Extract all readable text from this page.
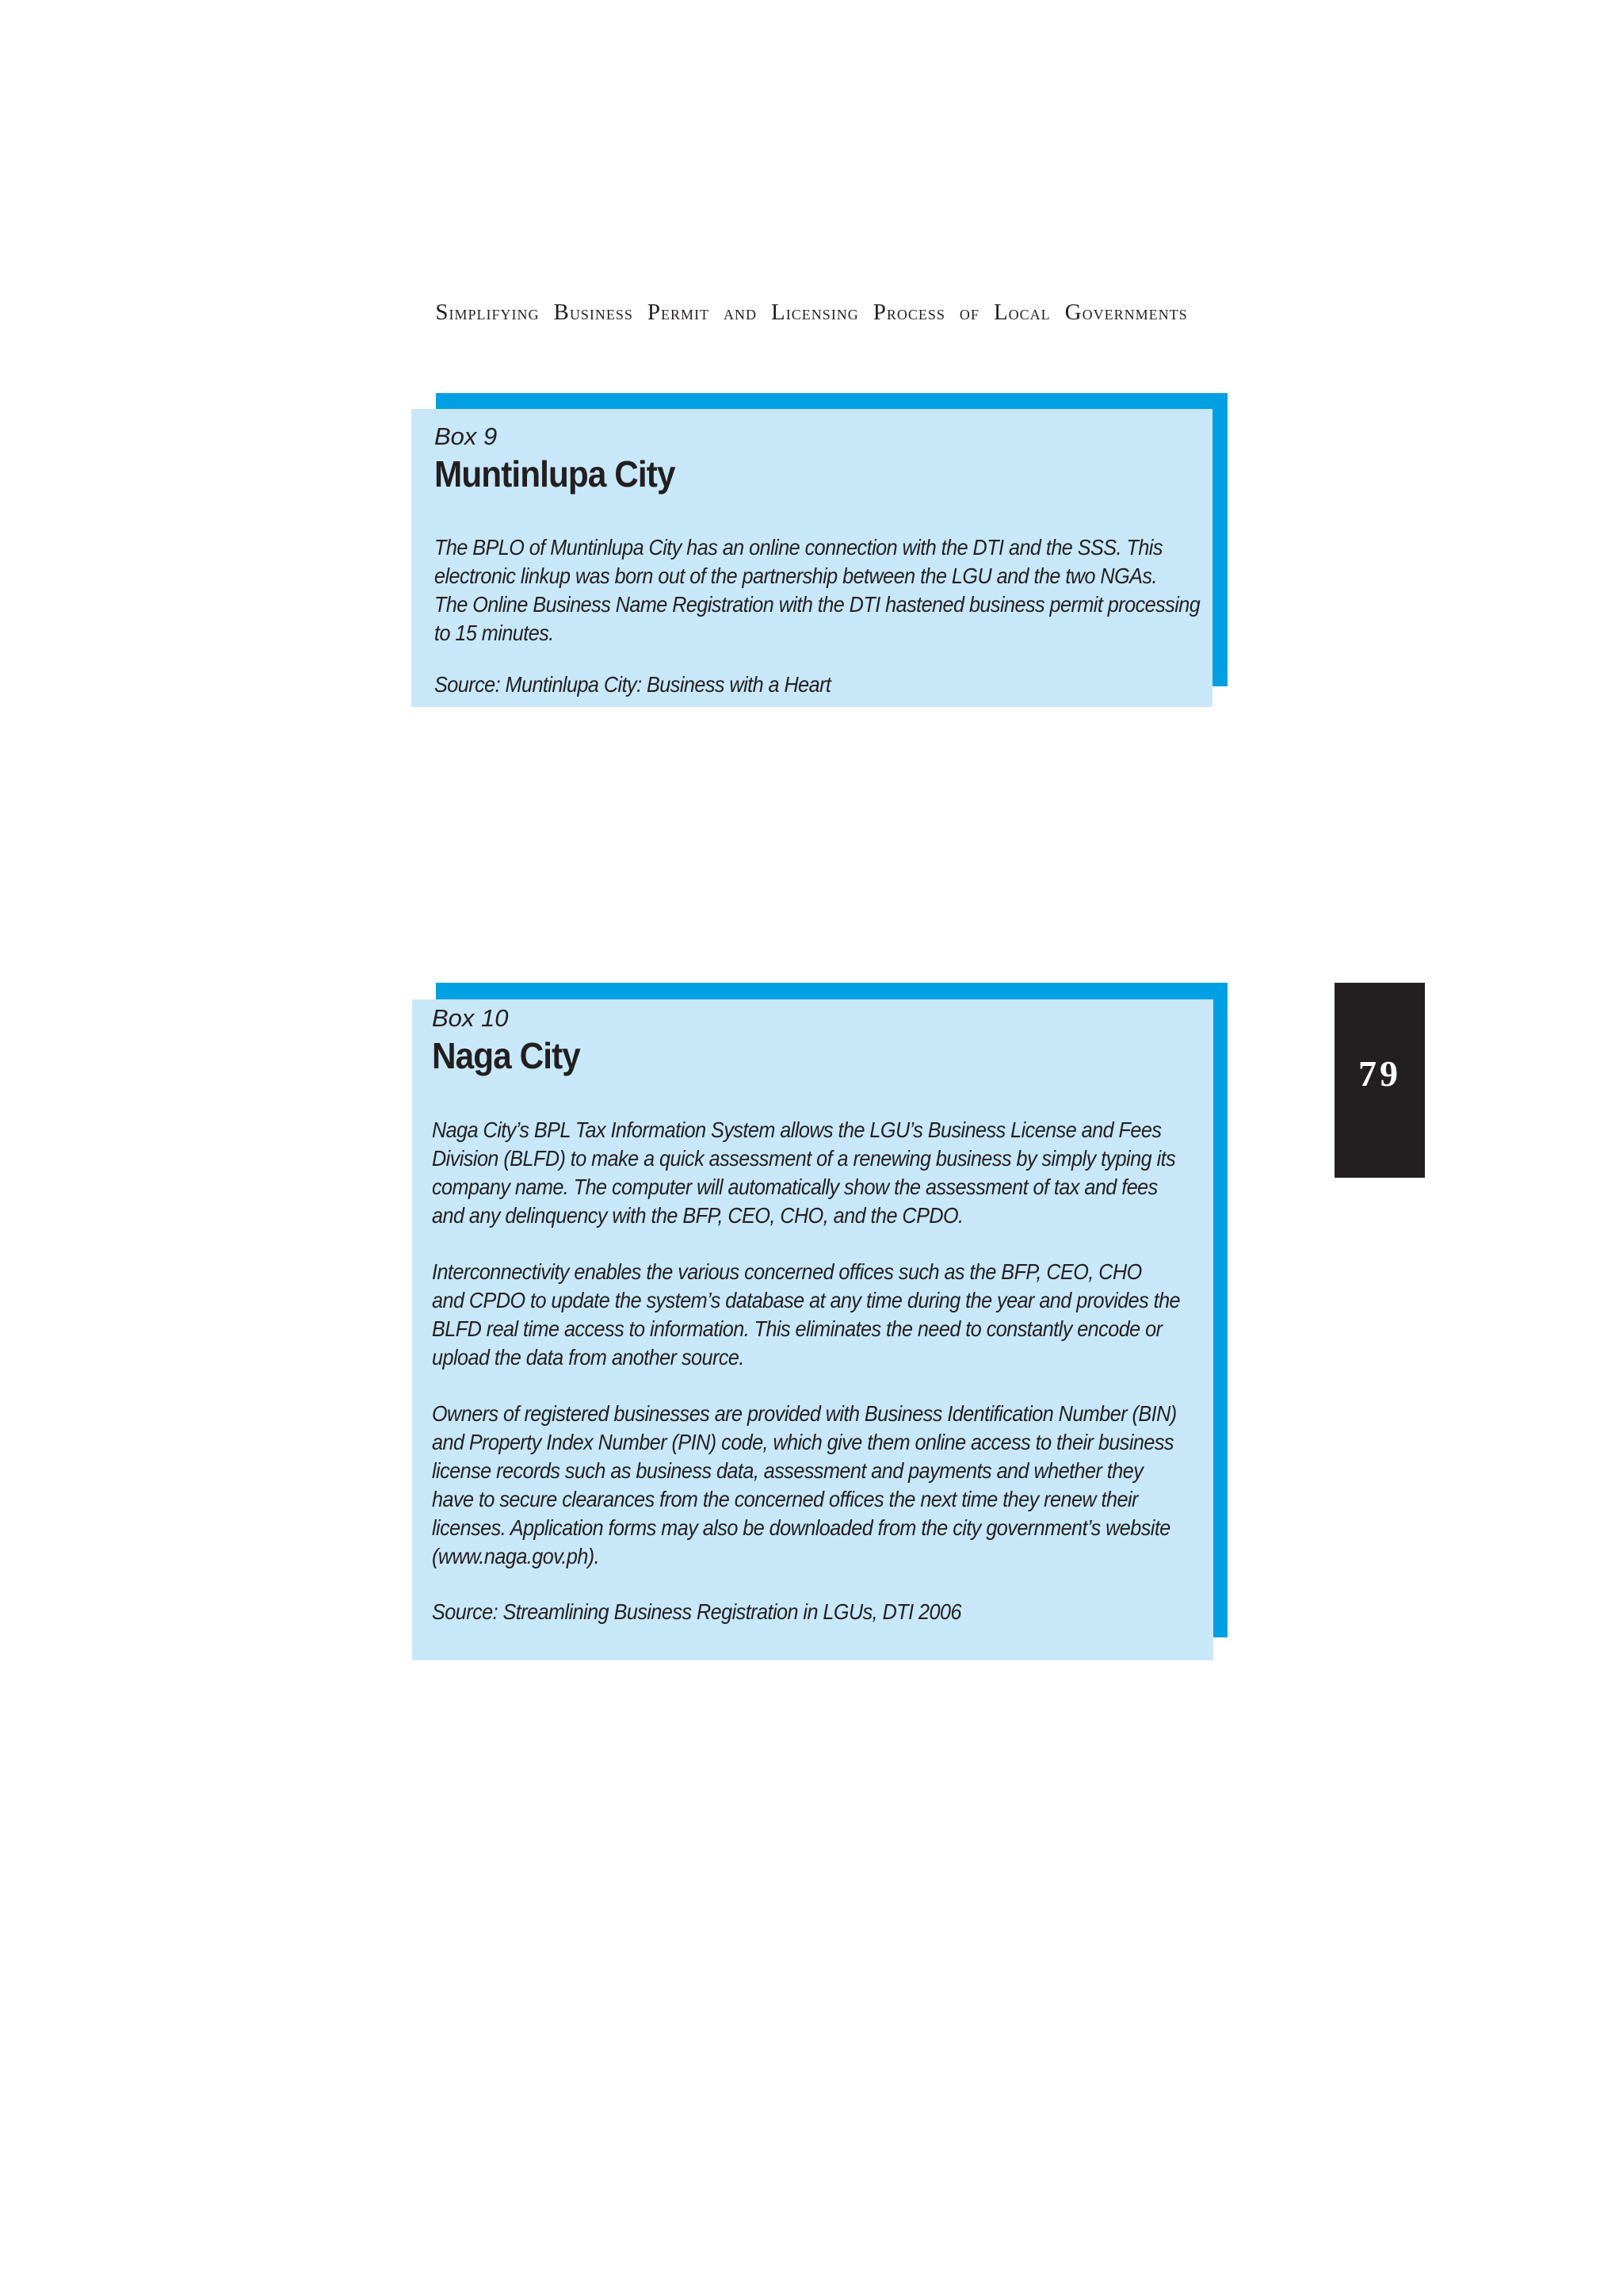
Simplifying Business Permit and Licensing Process of Local Governments
Box 9
Muntinlupa City
The BPLO of Muntinlupa City has an online connection with the DTI and the SSS. This
electronic linkup was born out of the partnership between the LGU and the two NGAs.
The Online Business Name Registration with the DTI hastened business permit processing
to 15 minutes.
Source: Muntinlupa City: Business with a Heart
Box 10
Naga City
Naga City’s BPL Tax Information System allows the LGU’s Business License and Fees
Division (BLFD) to make a quick assessment of a renewing business by simply typing its
company name. The computer will automatically show the assessment of tax and fees
and any delinquency with the BFP, CEO, CHO, and the CPDO.
Interconnectivity enables the various concerned offices such as the BFP, CEO, CHO
and CPDO to update the system’s database at any time during the year and provides the
BLFD real time access to information. This eliminates the need to constantly encode or
upload the data from another source.
Owners of registered businesses are provided with Business Identification Number (BIN)
and Property Index Number (PIN) code, which give them online access to their business
license records such as business data, assessment and payments and whether they
have to secure clearances from the concerned offices the next time they renew their
licenses. Application forms may also be downloaded from the city government’s website
(www.naga.gov.ph).
Source: Streamlining Business Registration in LGUs, DTI 2006
79
